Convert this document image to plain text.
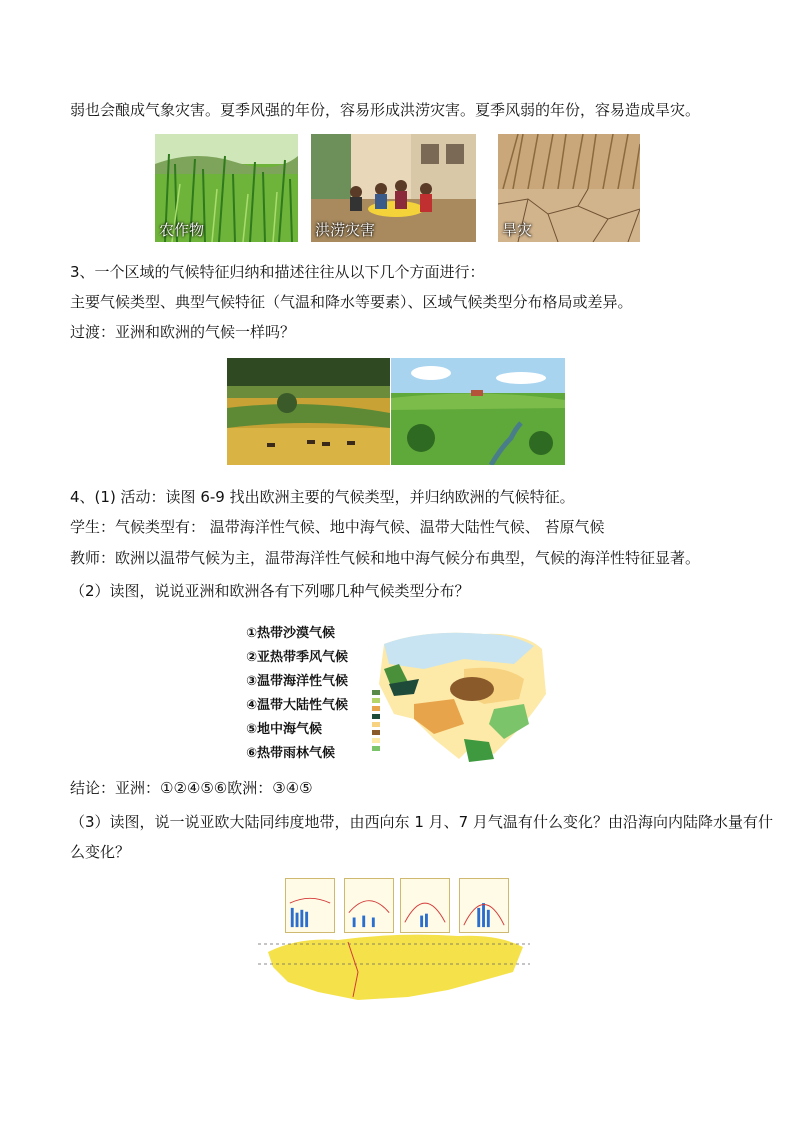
弱也会酿成气象灾害。夏季风强的年份，容易形成洪涝灾害。夏季风弱的年份，容易造成旱灾。
农作物	洪涝灾害	旱灾
3、一个区域的气候特征归纳和描述往往从以下几个方面进行：
主要气候类型、典型气候特征（气温和降水等要素）、区域气候类型分布格局或差异。
过渡：亚洲和欧洲的气候一样吗？
4、(1) 活动：读图 6-9 找出欧洲主要的气候类型，并归纳欧洲的气候特征。
学生：气候类型有： 温带海洋性气候、地中海气候、温带大陆性气候、 苔原气候
教师：欧洲以温带气候为主，温带海洋性气候和地中海气候分布典型，气候的海洋性特征显著。
（2）读图，说说亚洲和欧洲各有下列哪几种气候类型分布？
①热带沙漠气候
②亚热带季风气候
③温带海洋性气候
④温带大陆性气候
⑤地中海气候
⑥热带雨林气候
结论：亚洲：①②④⑤⑥欧洲：③④⑤
（3）读图，说一说亚欧大陆同纬度地带，由西向东 1 月、7 月气温有什么变化？由沿海向内陆降水量有什
么变化？
